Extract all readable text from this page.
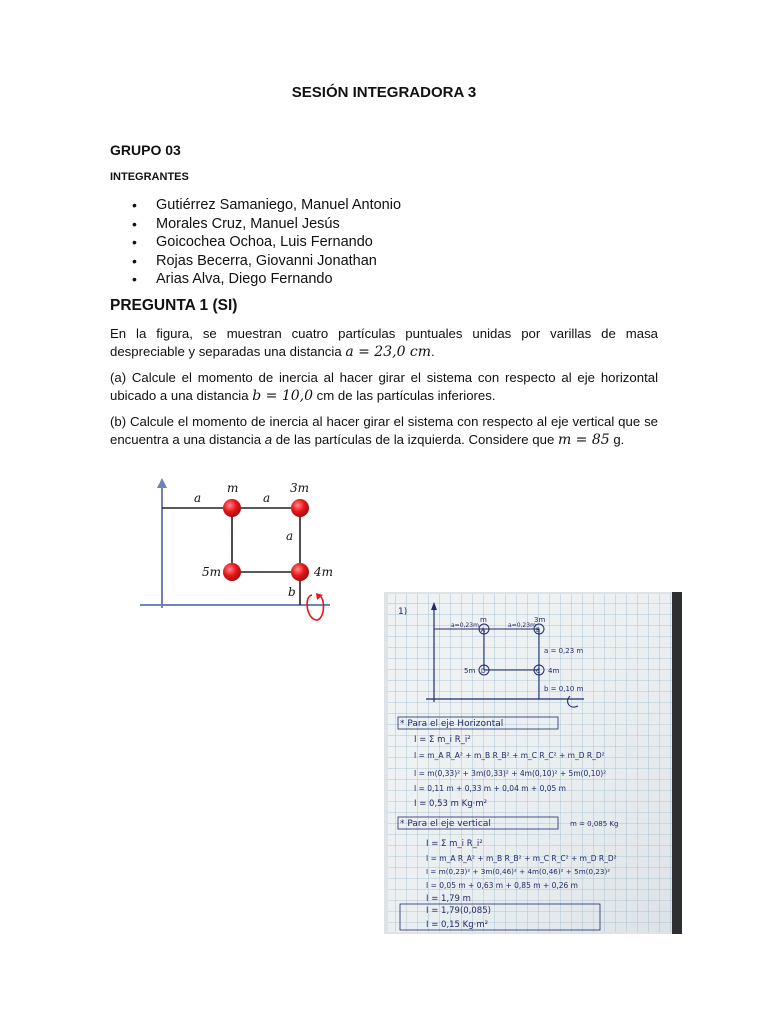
SESIÓN INTEGRADORA 3
GRUPO 03
INTEGRANTES
• Gutiérrez Samaniego, Manuel Antonio
• Morales Cruz, Manuel Jesús
• Goicochea Ochoa, Luis Fernando
• Rojas Becerra, Giovanni Jonathan
• Arias Alva, Diego Fernando
PREGUNTA 1 (SI)

En la figura, se muestran cuatro partículas puntuales unidas por varillas de masa despreciable y separadas una distancia a = 23,0 cm.

(a) Calcule el momento de inercia al hacer girar el sistema con respecto al eje horizontal ubicado a una distancia b = 10,0 cm de las partículas inferiores.

(b) Calcule el momento de inercia al hacer girar el sistema con respecto al eje vertical que se encuentra a una distancia a de las partículas de la izquierda. Considere que m = 85 g.

a
m
a
3m
a
5m	4m
b
1)
A	B
C
D
m	3m
5m	4m
a=0,23m	a=0,23m
a = 0,23 m
b = 0,10 m
* Para el eje Horizontal
I = Σ m_i R_i²
I = m_A R_A² + m_B R_B² + m_C R_C² + m_D R_D²
I = m(0,33)² + 3m(0,33)² + 4m(0,10)² + 5m(0,10)²
I = 0,11 m + 0,33 m + 0,04 m + 0,05 m
I = 0,53 m Kg·m²
* Para el eje vertical	m = 0,085 Kg
I = Σ m_i R_i²
I = m_A R_A² + m_B R_B² + m_C R_C² + m_D R_D²
I = m(0,23)² + 3m(0,46)² + 4m(0,46)² + 5m(0,23)²
I = 0,05 m + 0,63 m + 0,85 m + 0,26 m
I = 1,79 m
I = 1,79(0,085)
I = 0,15 Kg·m²
